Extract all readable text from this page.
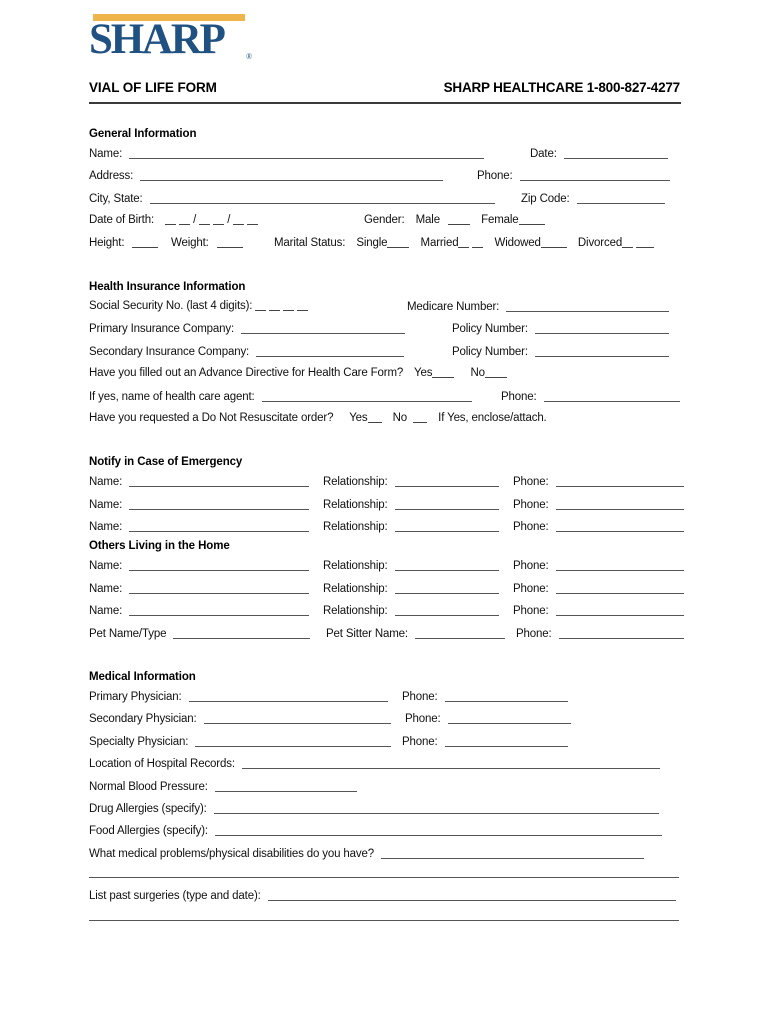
SHARP	®
VIAL OF LIFE FORM	SHARP HEALTHCARE 1-800-827-4277
General Information
Name:	Date:
Address:	Phone:
City, State:	Zip Code:
Date of Birth:	/	/	Gender: Male	Female
Height:	Weight:	Marital Status: Single	Married	Widowed	Divorced
Health Insurance Information
Social Security No. (last 4 digits):	Medicare Number:
Primary Insurance Company:	Policy Number:
Secondary Insurance Company:	Policy Number:
Have you filled out an Advance Directive for Health Care Form? Yes	No
If yes, name of health care agent:	Phone:
Have you requested a Do Not Resuscitate order? Yes No	If Yes, enclose/attach.
Notify in Case of Emergency
Name:	Relationship:	Phone:
Name:	Relationship:	Phone:
Name:	Relationship:	Phone:
Others Living in the Home
Name:	Relationship:	Phone:
Name:	Relationship:	Phone:
Name:	Relationship:	Phone:
Pet Name/Type	Pet Sitter Name:	Phone:
Medical Information
Primary Physician:	Phone:
Secondary Physician:	Phone:
Specialty Physician:	Phone:
Location of Hospital Records:
Normal Blood Pressure:
Drug Allergies (specify):
Food Allergies (specify):
What medical problems/physical disabilities do you have?
List past surgeries (type and date):
